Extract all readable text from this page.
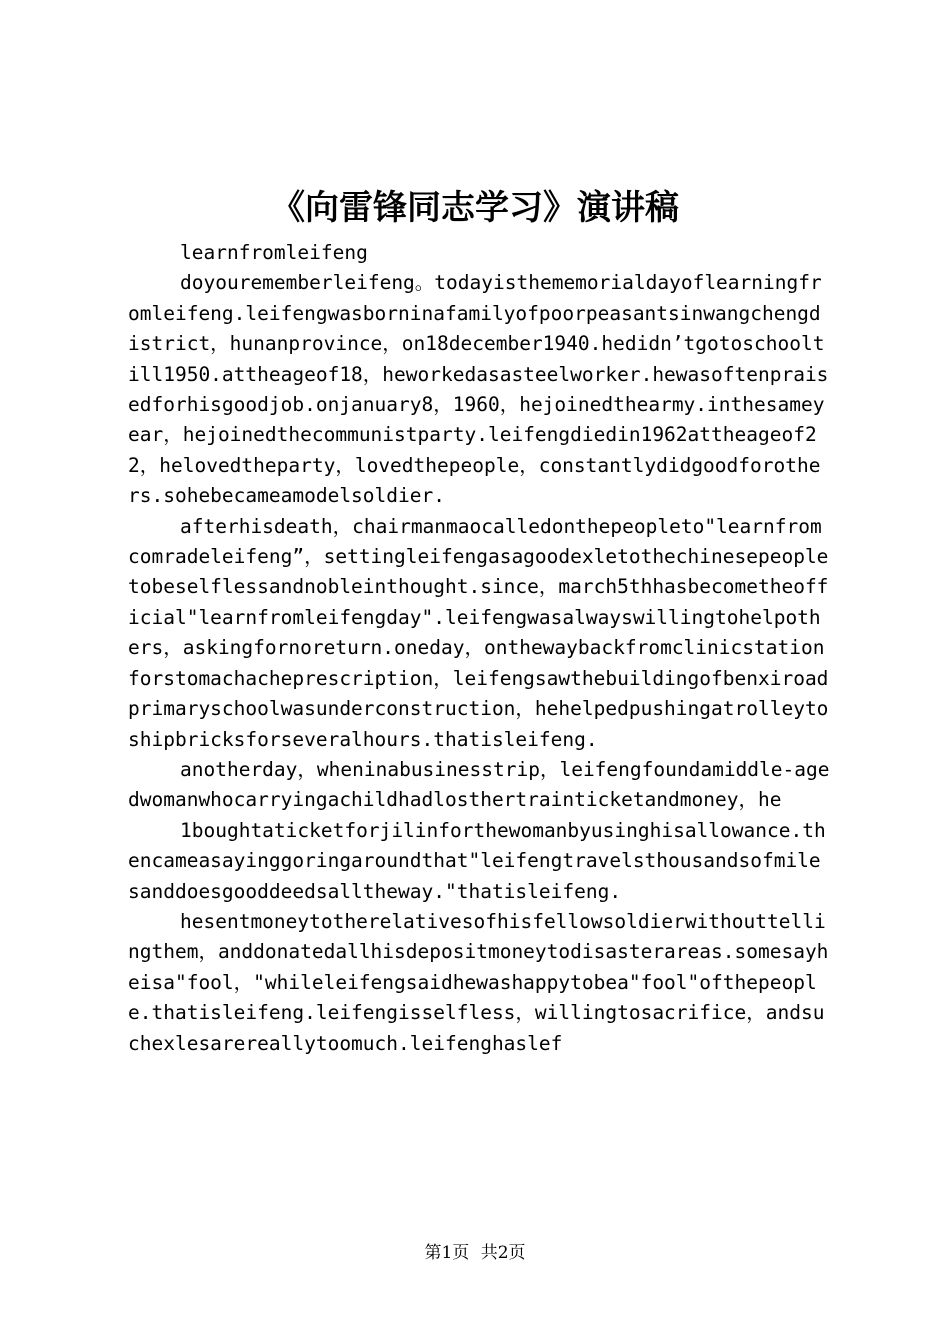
《向雷锋同志学习》演讲稿

learnfromleifeng

doyourememberleifeng。todayisthememorialdayoflearningfromleifeng.leifengwasborninafamilyofpoorpeasantsinwangchengdistrict，hunanprovince，on18december1940.hedidn’tgotoschooltill1950.attheageof18，heworkedasasteelworker.hewasoftenpraisedforhisgoodjob.onjanuary8，1960，hejoinedthearmy.inthesameyear，hejoinedthecommunistparty.leifengdiedin1962attheageof22，helovedtheparty，lovedthepeople，constantlydidgoodforothers.sohebecameamodelsoldier.

afterhisdeath，chairmanmaocalledonthepeopleto"learnfromcomradeleifeng”，settingleifengasagoodexletothechinesepeopletobeselflessandnobleinthought.since，march5thhasbecometheofficial"learnfromleifengday".leifengwasalwayswillingtohelpothers，askingfornoreturn.oneday，onthewaybackfromclinicstationforstomachacheprescription，leifengsawthebuildingofbenxiroadprimaryschoolwasunderconstruction，hehelpedpushingatrolleytoshipbricksforseveralhours.thatisleifeng.

anotherday，wheninabusinesstrip，leifengfoundamiddle-agedwomanwhocarryingachildhadlosthertrainticketandmoney，he

1boughtaticketforjilinforthewomanbyusinghisallowance.thencameasayinggoringaroundthat"leifengtravelsthousandsofmilesanddoesgooddeedsalltheway."thatisleifeng.

hesentmoneytotherelativesofhisfellowsoldierwithouttellingthem，anddonatedallhisdepositmoneytodisasterareas.somesayheisa"fool，"whileleifengsaidhewashappytobea"fool"ofthepeople.thatisleifeng.leifengisselfless，willingtosacrifice，andsuchexlesarereallytoomuch.leifenghaslef

第1页 共2页
